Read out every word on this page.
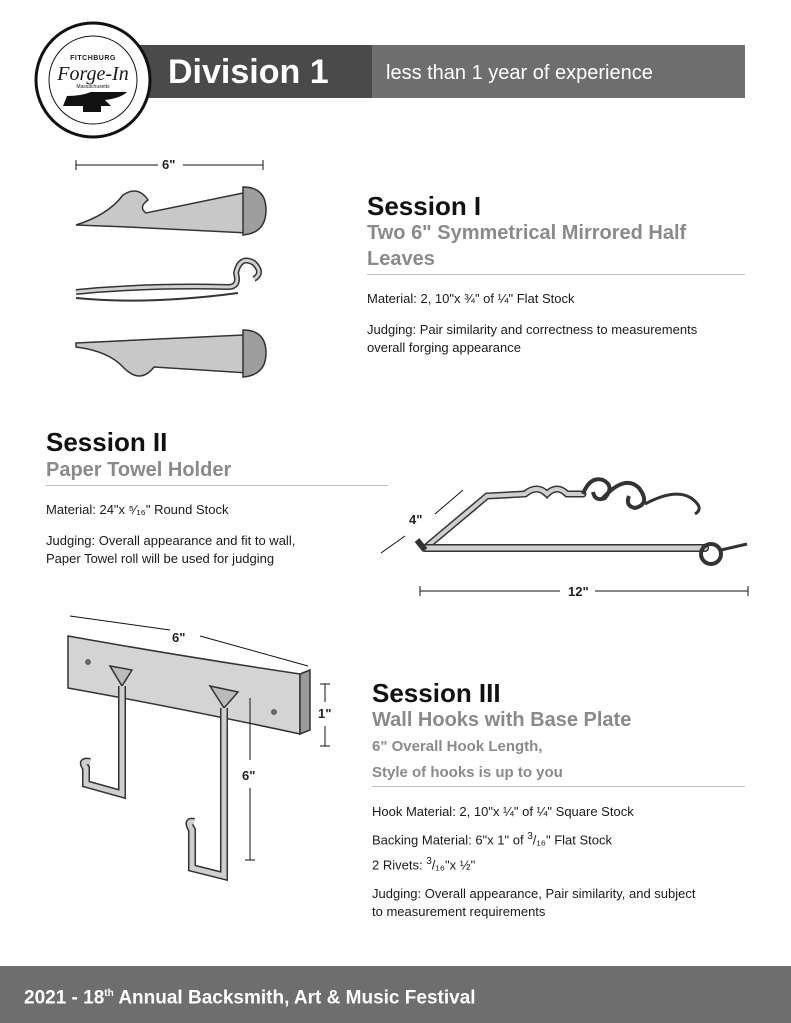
Division 1	less than 1 year of experience
FITCHBURG
Forge-In
Massachusetts
6"
Session I
Two 6" Symmetrical Mirrored Half
Leaves
Material: 2, 10"x ¾" of ¼" Flat Stock
Judging: Pair similarity and correctness to measurements
overall forging appearance
Session II
Paper Towel Holder
Material: 24"x ⁵⁄₁₆" Round Stock
Judging: Overall appearance and fit to wall,
Paper Towel roll will be used for judging
4"
12"
6"
1"
6"
Session III
Wall Hooks with Base Plate
6" Overall Hook Length,
Style of hooks is up to you
Hook Material: 2, 10"x ¼" of ¼" Square Stock
Backing Material: 6"x 1" of $^3$/₁₆" Flat Stock
2 Rivets: $^3$/₁₆"x ½"
Judging: Overall appearance, Pair similarity, and subject
to measurement requirements
2021 - 18th Annual Backsmith, Art & Music Festival
